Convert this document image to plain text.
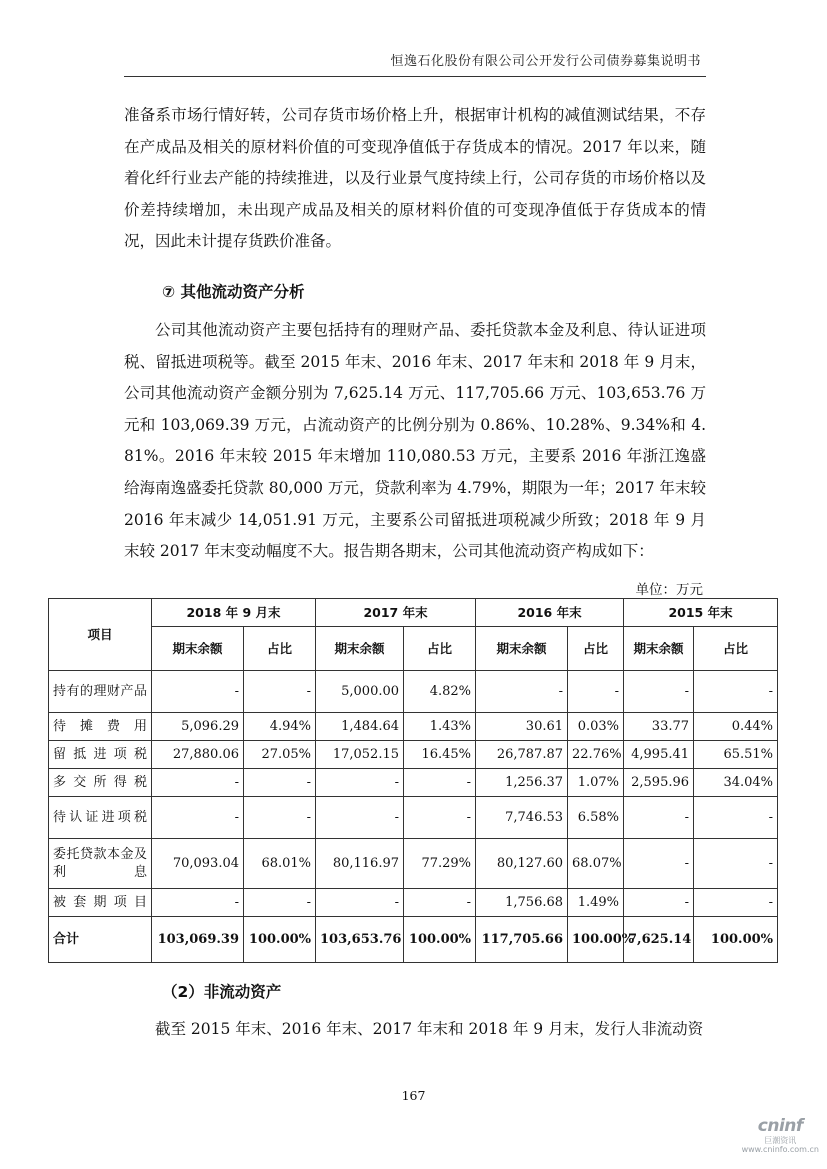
恒逸石化股份有限公司公开发行公司债券募集说明书

准备系市场行情好转，公司存货市场价格上升，根据审计机构的减值测试结果，不存在产成品及相关的原材料价值的可变现净值低于存货成本的情况。2017 年以来，随着化纤行业去产能的持续推进，以及行业景气度持续上行，公司存货的市场价格以及价差持续增加，未出现产成品及相关的原材料价值的可变现净值低于存货成本的情况，因此未计提存货跌价准备。

⑦ 其他流动资产分析

公司其他流动资产主要包括持有的理财产品、委托贷款本金及利息、待认证进项税、留抵进项税等。截至 2015 年末、2016 年末、2017 年末和 2018 年 9 月末，公司其他流动资产金额分别为 7,625.14 万元、117,705.66 万元、103,653.76 万元和 103,069.39 万元，占流动资产的比例分别为 0.86%、10.28%、9.34%和 4.81%。2016 年末较 2015 年末增加 110,080.53 万元，主要系 2016 年浙江逸盛给海南逸盛委托贷款 80,000 万元，贷款利率为 4.79%，期限为一年；2017 年末较 2016 年末减少 14,051.91 万元，主要系公司留抵进项税减少所致；2018 年 9 月末较 2017 年末变动幅度不大。报告期各期末，公司其他流动资产构成如下：

单位：万元
项目	2018 年 9 月末		2017 年末		2016 年末		2015 年末	
	期末余额	占比	期末余额	占比	期末余额	占比	期末余额	占比
持有的理财产品	-	-	5,000.00	4.82%	-	-	-	-
待摊费用	5,096.29	4.94%	1,484.64	1.43%	30.61	0.03%	33.77	0.44%
留抵进项税	27,880.06	27.05%	17,052.15	16.45%	26,787.87	22.76%	4,995.41	65.51%
多交所得税	-	-	-	-	1,256.37	1.07%	2,595.96	34.04%
待认证进项税	-	-	-	-	7,746.53	6.58%	-	-
委托贷款本金及利息	70,093.04	68.01%	80,116.97	77.29%	80,127.60	68.07%	-	-
被套期项目	-	-	-	-	1,756.68	1.49%	-	-
合计	103,069.39	100.00%	103,653.76	100.00%	117,705.66	100.00%	7,625.14	100.00%
（2）非流动资产

截至 2015 年末、2016 年末、2017 年末和 2018 年 9 月末，发行人非流动资

167
cninf
巨潮资讯
www.cninfo.com.cn
